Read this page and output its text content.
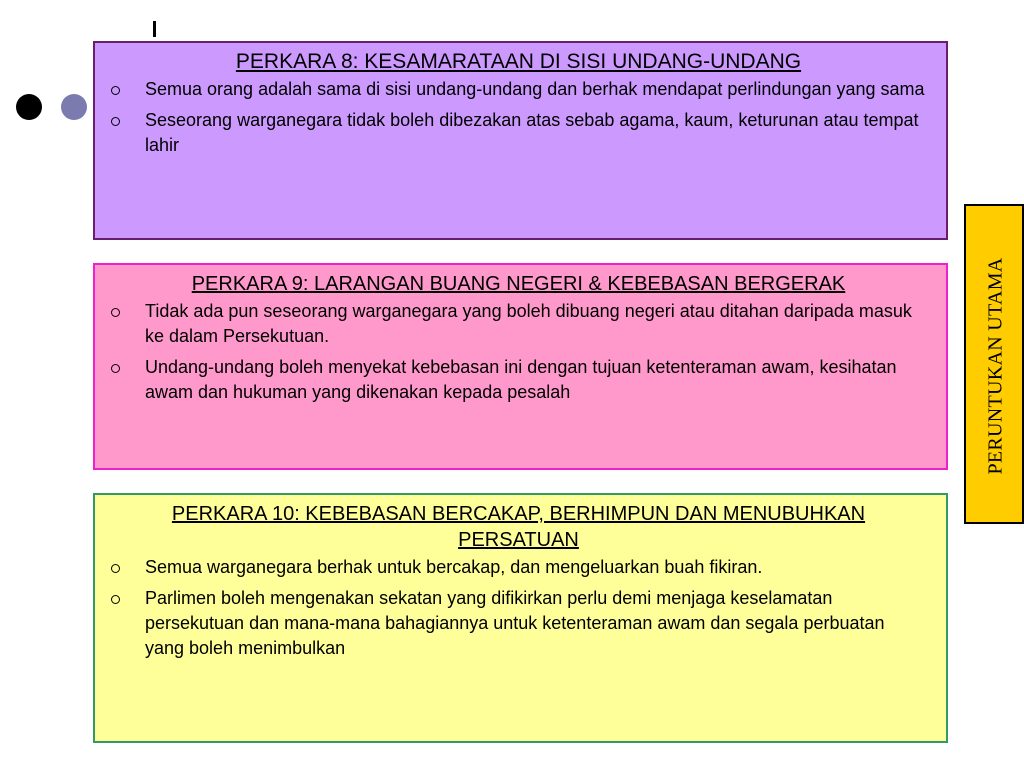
PERKARA 8: KESAMARATAAN DI SISI UNDANG-UNDANG
Semua orang adalah sama di sisi undang-undang dan berhak mendapat perlindungan yang sama
Seseorang warganegara tidak boleh dibezakan atas sebab agama, kaum, keturunan atau tempat lahir
PERKARA 9: LARANGAN BUANG NEGERI & KEBEBASAN BERGERAK
Tidak ada pun seseorang warganegara yang boleh dibuang negeri atau ditahan daripada masuk ke dalam Persekutuan.
Undang-undang boleh menyekat kebebasan ini dengan tujuan ketenteraman awam, kesihatan awam dan hukuman yang dikenakan kepada pesalah
PERKARA 10: KEBEBASAN BERCAKAP, BERHIMPUN DAN MENUBUHKAN PERSATUAN
Semua warganegara berhak untuk bercakap, dan mengeluarkan buah fikiran.
Parlimen boleh mengenakan sekatan yang difikirkan perlu demi menjaga keselamatan persekutuan dan mana-mana bahagiannya untuk ketenteraman awam dan segala perbuatan yang boleh menimbulkan
PERUNTUKAN UTAMA
